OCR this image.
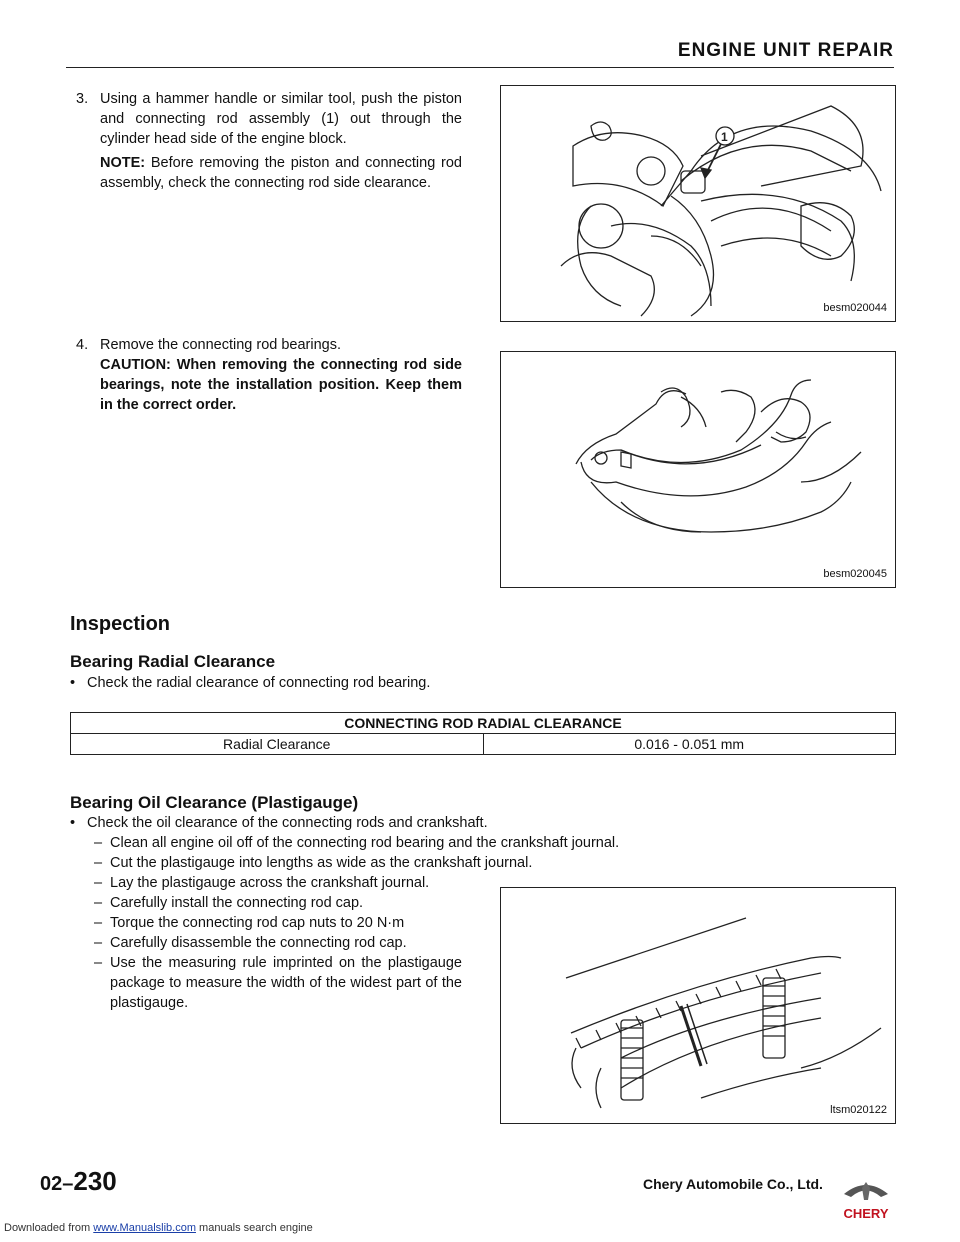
ENGINE UNIT REPAIR
3. Using a hammer handle or similar tool, push the piston and connecting rod assembly (1) out through the cylinder head side of the engine block.

NOTE: Before removing the piston and connecting rod assembly, check the connecting rod side clearance.

1
besm020044
4. Remove the connecting rod bearings.

CAUTION: When removing the connecting rod side bearings, note the installation position. Keep them in the correct order.

besm020045
Inspection
Bearing Radial Clearance
• Check the radial clearance of connecting rod bearing.
CONNECTING ROD RADIAL CLEARANCE
Radial Clearance	0.016 - 0.051 mm
Bearing Oil Clearance (Plastigauge)
• Check the oil clearance of the connecting rods and crankshaft.
– Clean all engine oil off of the connecting rod bearing and the crankshaft journal.
– Cut the plastigauge into lengths as wide as the crankshaft journal.
– Lay the plastigauge across the crankshaft journal.
– Carefully install the connecting rod cap.
– Torque the connecting rod cap nuts to 20 N·m
– Carefully disassemble the connecting rod cap.
– Use the measuring rule imprinted on the plastigauge package to measure the width of the widest part of the plastigauge.
ltsm020122
02–230	Chery Automobile Co., Ltd.
CHERY
Downloaded from www.Manualslib.com manuals search engine
